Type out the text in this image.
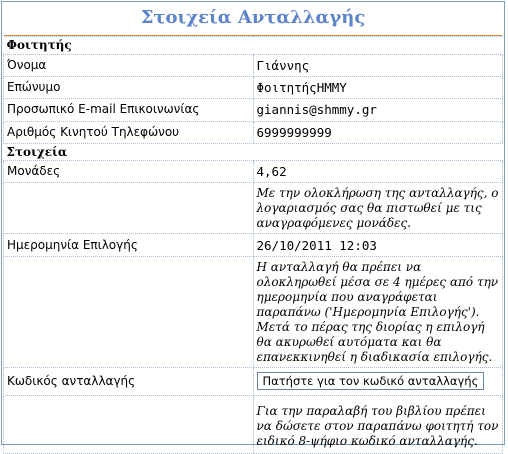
Στοιχεία Ανταλλαγής
Φοιτητής	
Όνομα	Γιάννης
Επώνυμο	ΦοιτητήςΗΜΜΥ
Προσωπικό E-mail Επικοινωνίας	giannis@shmmy.gr
Αριθμός Κινητού Τηλεφώνου	6999999999
Στοιχεία	
Μονάδες	4,62
	Με την ολοκλήρωση της ανταλλαγής, ο λογαριασμός σας θα πιστωθεί με τις αναγραφόμενες μονάδες.
Ημερομηνία Επιλογής	26/10/2011 12:03
	Η ανταλλαγή θα πρέπει να ολοκληρωθεί μέσα σε 4 ημέρες από την ημερομηνία που αναγράφεται παραπάνω ('Ημερομηνία Επιλογής'). Μετά το πέρας της διορίας η επιλογή θα ακυρωθεί αυτόματα και θα επανεκκινηθεί η διαδικασία επιλογής.
Κωδικός ανταλλαγής	Πατήστε για τον κωδικό ανταλλαγής
	Για την παραλαβή του βιβλίου πρέπει να δώσετε στον παραπάνω φοιτητή τον ειδικό 8-ψήφιο κωδικό ανταλλαγής.
